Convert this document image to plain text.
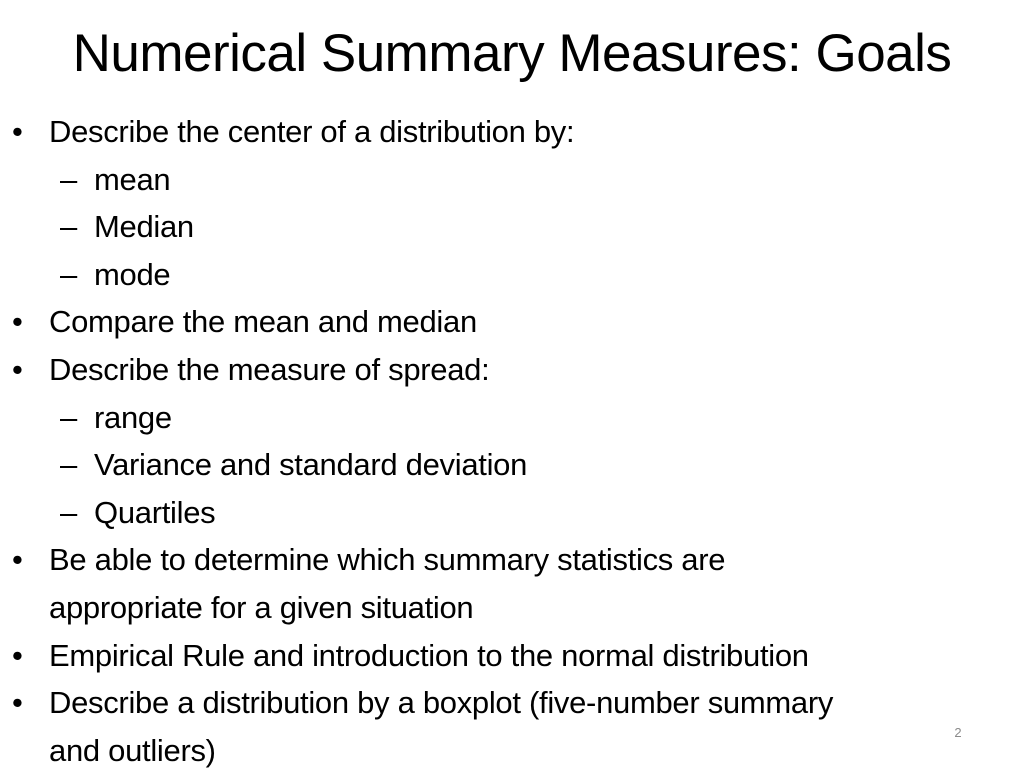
Numerical Summary Measures: Goals
• Describe the center of a distribution by:
– mean
– Median
– mode
• Compare the mean and median
• Describe the measure of spread:
– range
– Variance and standard deviation
– Quartiles
• Be able to determine which summary statistics are
appropriate for a given situation
• Empirical Rule and introduction to the normal distribution
• Describe a distribution by a boxplot (five-number summary
and outliers)
2
